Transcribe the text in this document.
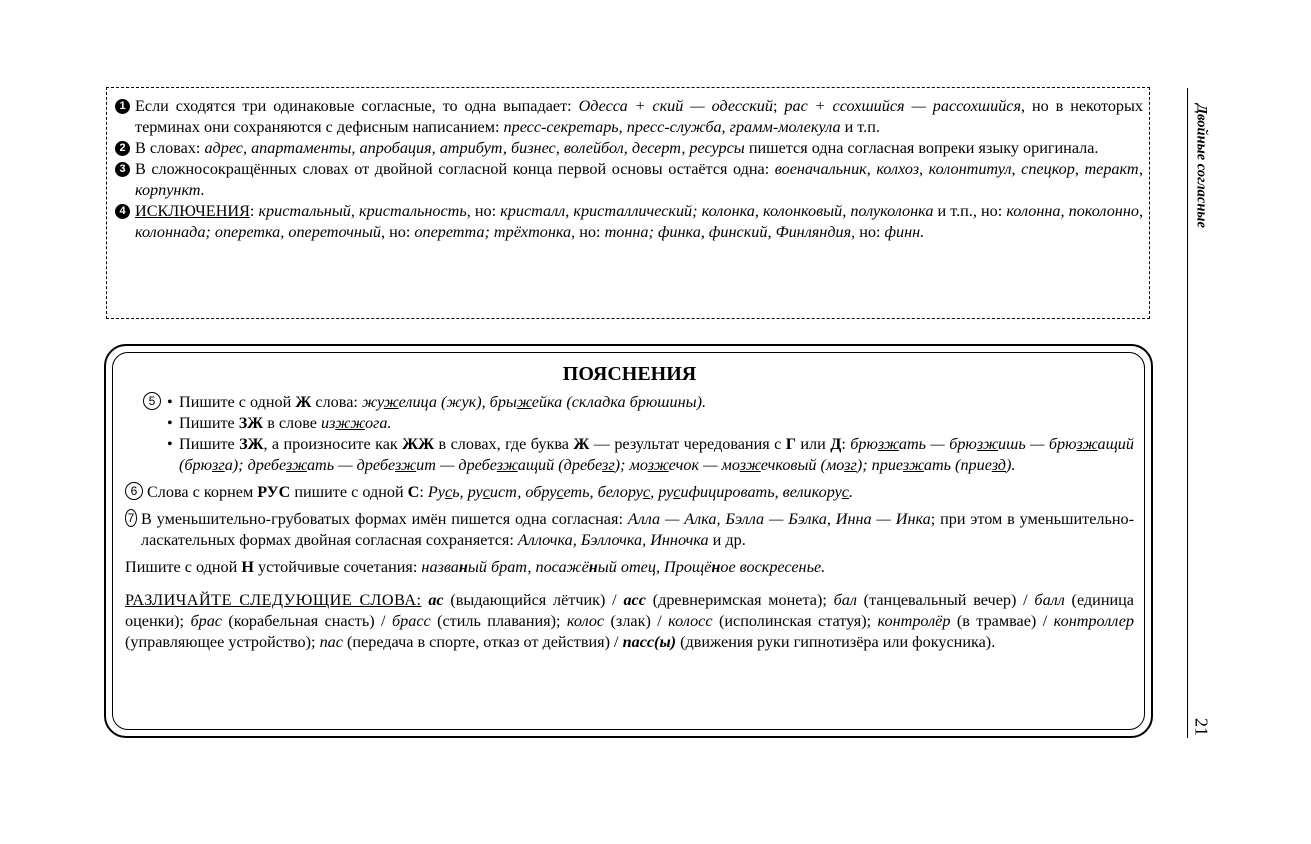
1 Если сходятся три одинаковые согласные, то одна выпадает: Одесса + ский — одесский; рас + ссохшийся — рассохшийся, но в некоторых терминах они сохраняются с дефисным написанием: пресс-секретарь, пресс-служба, грамм-молекула и т.п.
2 В словах: адрес, апартаменты, апробация, атрибут, бизнес, волейбол, десерт, ресурсы пишется одна согласная вопреки языку оригинала.
3 В сложносокращённых словах от двойной согласной конца первой основы остаётся одна: военачальник, колхоз, колонтитул, спецкор, теракт, корпункт.
4 ИСКЛЮЧЕНИЯ: кристальный, кристальность, но: кристалл, кристаллический; колонка, колонковый, полуколонка и т.п., но: колонна, поколонно, колоннада; оперетка, опереточный, но: оперетта; трёхтонка, но: тонна; финка, финский, Финляндия, но: финн.
ПОЯСНЕНИЯ
5 • Пишите с одной Ж слова: жужелица (жук), брыжейка (складка брюшины).
• Пишите ЗЖ в слове изжжога.
• Пишите ЗЖ, а произносите как ЖЖ в словах, где буква Ж — результат чередования с Г или Д: брюзжать — брюзжишь — брюзжащий (брюзга); дребезжать — дребезжит — дребезжащий (дребезг); мозжечок — мозжечковый (мозг); приезжать (приезд).
6 Слова с корнем РУС пишите с одной С: Русь, русист, обрусеть, белорус, русифицировать, великорус.
7 В уменьшительно-грубоватых формах имён пишется одна согласная: Алла — Алка, Бэлла — Бэлка, Инна — Инка; при этом в уменьшительно-ласкательных формах двойная согласная сохраняется: Аллочка, Бэллочка, Инночка и др.
Пишите с одной Н устойчивые сочетания: названый брат, посажёный отец, Прощёное воскресенье.
РАЗЛИЧАЙТЕ СЛЕДУЮЩИЕ СЛОВА: ас (выдающийся лётчик) / асс (древнеримская монета); бал (танцевальный вечер) / балл (единица оценки); брас (корабельная снасть) / брасс (стиль плавания); колос (злак) / колосс (исполинская статуя); контролёр (в трамвае) / контроллер (управляющее устройство); пас (передача в спорте, отказ от действия) / пасс(ы) (движения руки гипнотизёра или фокусника).
Двойные согласные
21
